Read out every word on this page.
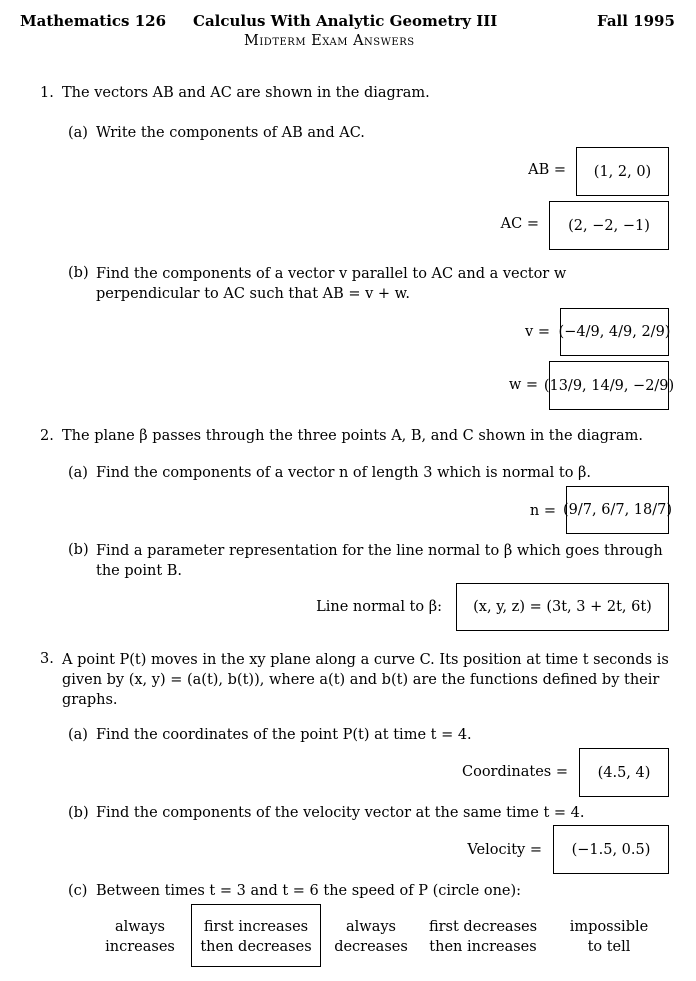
Mathematics 126 Calculus With Analytic Geometry III	Fall 1995
Midterm Exam Answers
1. The vectors AB and AC are shown in the diagram.
(a) Write the components of AB and AC.
AB = (1, 2, 0)
AC = (2, −2, −1)
(b) Find the components of a vector v parallel to AC and a vector w perpendicular to AC such that AB = v + w.
v = (−4/9, 4/9, 2/9)
w = (13/9, 14/9, −2/9)
2. The plane β passes through the three points A, B, and C shown in the diagram.
(a) Find the components of a vector n of length 3 which is normal to β.
n = (9/7, 6/7, 18/7)
(b) Find a parameter representation for the line normal to β which goes through the point B.
Line normal to β: (x, y, z) = (3t, 3 + 2t, 6t)
3. A point P(t) moves in the xy plane along a curve C. Its position at time t seconds is given by (x, y) = (a(t), b(t)), where a(t) and b(t) are the functions defined by their graphs.
(a) Find the coordinates of the point P(t) at time t = 4.
Coordinates = (4.5, 4)
(b) Find the components of the velocity vector at the same time t = 4.
Velocity = (−1.5, 0.5)
(c) Between times t = 3 and t = 6 the speed of P (circle one):
always
increases
first increases
then decreases
always
decreases
first decreases
then increases
impossible
to tell
